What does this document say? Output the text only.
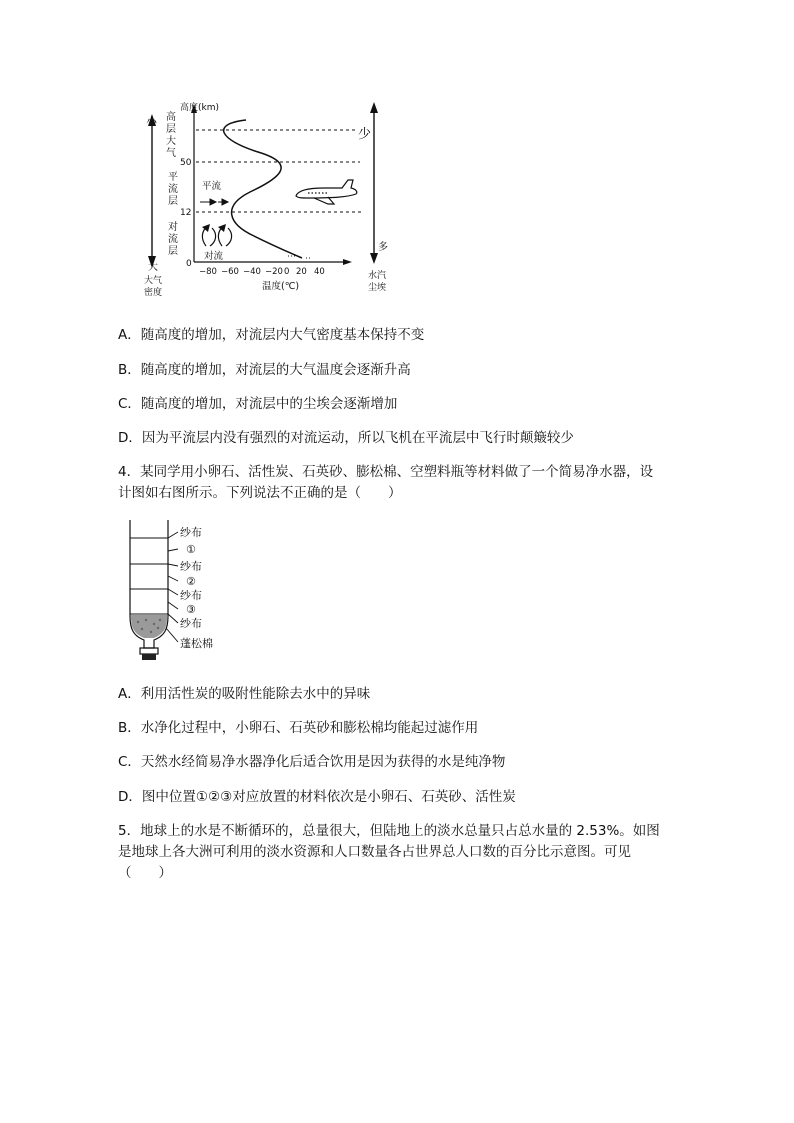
小
大
大气
密度
高
层
大
气
平
流
层
对
流
层
高度(km)
50
12
0
−80 −60 −40 −20 0 20 40
温度(℃)
平流
对流
少
多
水汽
尘埃
A．随高度的增加，对流层内大气密度基本保持不变
B．随高度的增加，对流层的大气温度会逐渐升高
C．随高度的增加，对流层中的尘埃会逐渐增加
D．因为平流层内没有强烈的对流运动，所以飞机在平流层中飞行时颠簸较少
4．某同学用小卵石、活性炭、石英砂、膨松棉、空塑料瓶等材料做了一个简易净水器，设
计图如右图所示。下列说法不正确的是（　　）
纱布
①
纱布
②
纱布
③
纱布
蓬松棉
A．利用活性炭的吸附性能除去水中的异味
B．水净化过程中，小卵石、石英砂和膨松棉均能起过滤作用
C．天然水经简易净水器净化后适合饮用是因为获得的水是纯净物
D．图中位置①②③对应放置的材料依次是小卵石、石英砂、活性炭
5．地球上的水是不断循环的，总量很大，但陆地上的淡水总量只占总水量的 2.53%。如图
是地球上各大洲可利用的淡水资源和人口数量各占世界总人口数的百分比示意图。可见
（　　）
